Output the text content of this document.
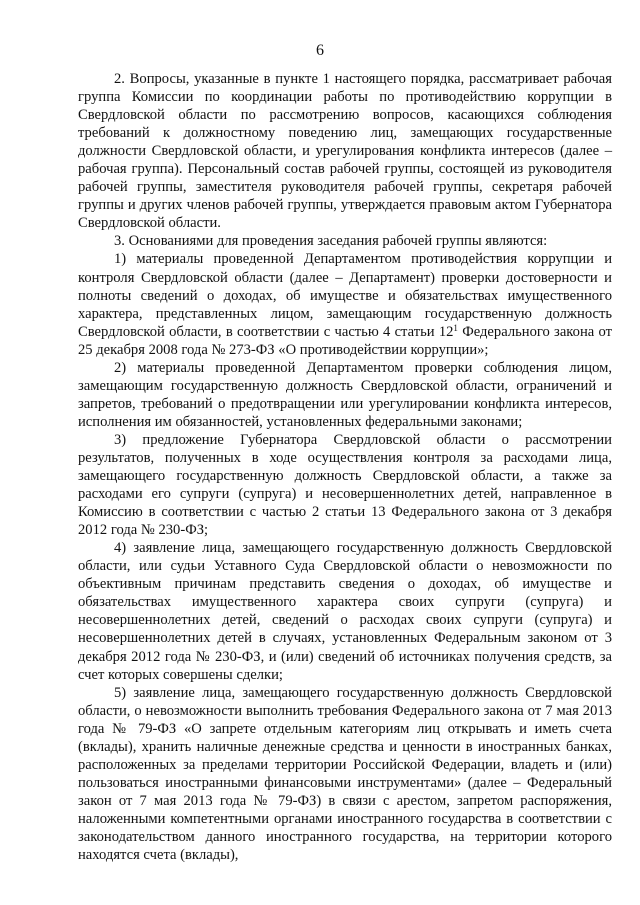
6

2. Вопросы, указанные в пункте 1 настоящего порядка, рассматривает рабочая группа Комиссии по координации работы по противодействию коррупции в Свердловской области по рассмотрению вопросов, касающихся соблюдения требований к должностному поведению лиц, замещающих государственные должности Свердловской области, и урегулирования конфликта интересов (далее – рабочая группа). Персональный состав рабочей группы, состоящей из руководителя рабочей группы, заместителя руководителя рабочей группы, секретаря рабочей группы и других членов рабочей группы, утверждается правовым актом Губернатора Свердловской области.

3. Основаниями для проведения заседания рабочей группы являются:

1) материалы проведенной Департаментом противодействия коррупции и контроля Свердловской области (далее – Департамент) проверки достоверности и полноты сведений о доходах, об имуществе и обязательствах имущественного характера, представленных лицом, замещающим государственную должность Свердловской области, в соответствии с частью 4 статьи $12^1$ Федерального закона от 25 декабря 2008 года № 273-ФЗ «О противодействии коррупции»;

2) материалы проведенной Департаментом проверки соблюдения лицом, замещающим государственную должность Свердловской области, ограничений и запретов, требований о предотвращении или урегулировании конфликта интересов, исполнения им обязанностей, установленных федеральными законами;

3) предложение Губернатора Свердловской области о рассмотрении результатов, полученных в ходе осуществления контроля за расходами лица, замещающего государственную должность Свердловской области, а также за расходами его супруги (супруга) и несовершеннолетних детей, направленное в Комиссию в соответствии с частью 2 статьи 13 Федерального закона от 3 декабря 2012 года № 230-ФЗ;

4) заявление лица, замещающего государственную должность Свердловской области, или судьи Уставного Суда Свердловской области о невозможности по объективным причинам представить сведения о доходах, об имуществе и обязательствах имущественного характера своих супруги (супруга) и несовершеннолетних детей, сведений о расходах своих супруги (супруга) и несовершеннолетних детей в случаях, установленных Федеральным законом от 3 декабря 2012 года № 230-ФЗ, и (или) сведений об источниках получения средств, за счет которых совершены сделки;

5) заявление лица, замещающего государственную должность Свердловской области, о невозможности выполнить требования Федерального закона от 7 мая 2013 года № 79-ФЗ «О запрете отдельным категориям лиц открывать и иметь счета (вклады), хранить наличные денежные средства и ценности в иностранных банках, расположенных за пределами территории Российской Федерации, владеть и (или) пользоваться иностранными финансовыми инструментами» (далее – Федеральный закон от 7 мая 2013 года № 79-ФЗ) в связи с арестом, запретом распоряжения, наложенными компетентными органами иностранного государства в соответствии с законодательством данного иностранного государства, на территории которого находятся счета (вклады),
